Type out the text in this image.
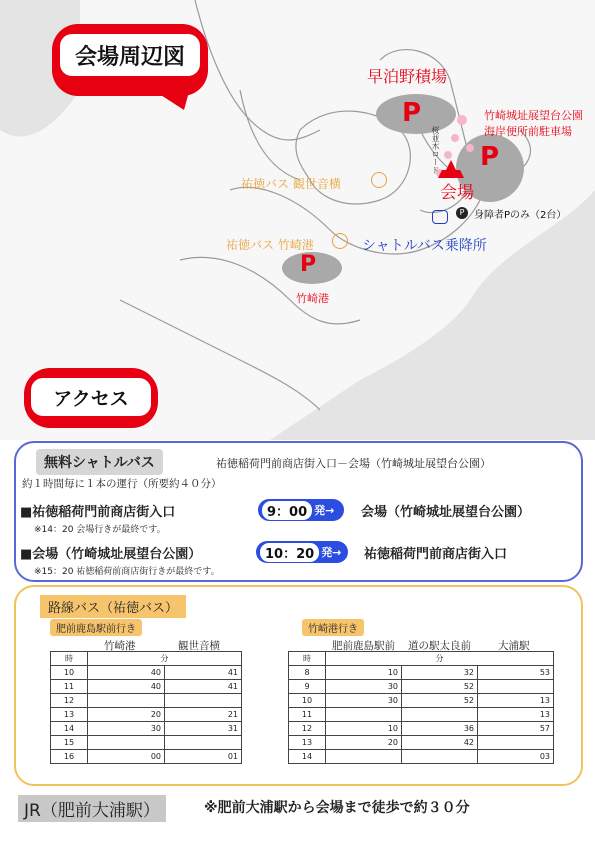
会場周辺図
P
P
P
早泊野積場
竹崎城址展望台公園
海岸便所前駐車場
竹崎港
桜並木ロード
会場
P 身障者Pのみ（2台）
シャトルバス乗降所
祐徳バス 観世音横
祐徳バス 竹崎港
アクセス
無料シャトルバス	祐徳稲荷門前商店街入口－会場（竹崎城址展望台公園）
約１時間毎に１本の運行（所要約４０分）
■祐徳稲荷門前商店街入口	9：00 発→ 会場（竹崎城址展望台公園）
※14：20 会場行きが最終です。
■会場（竹崎城址展望台公園）	10：20 発→ 祐徳稲荷門前商店街入口
※15：20 祐徳稲荷前商店街行きが最終です。
路線バス（祐徳バス）
肥前鹿島駅前行き
竹崎港	観世音横
時	分	
10	40	41
11	40	41
12		
13	20	21
14	30	31
15		
16	00	01
竹崎港行き
肥前鹿島駅前 道の駅太良前	大浦駅
時	分		
8	10	32	53
9	30	52	
10	30	52	13
11			13
12	10	36	57
13	20	42	
14			03
JR（肥前大浦駅）	※肥前大浦駅から会場まで徒歩で約３０分
